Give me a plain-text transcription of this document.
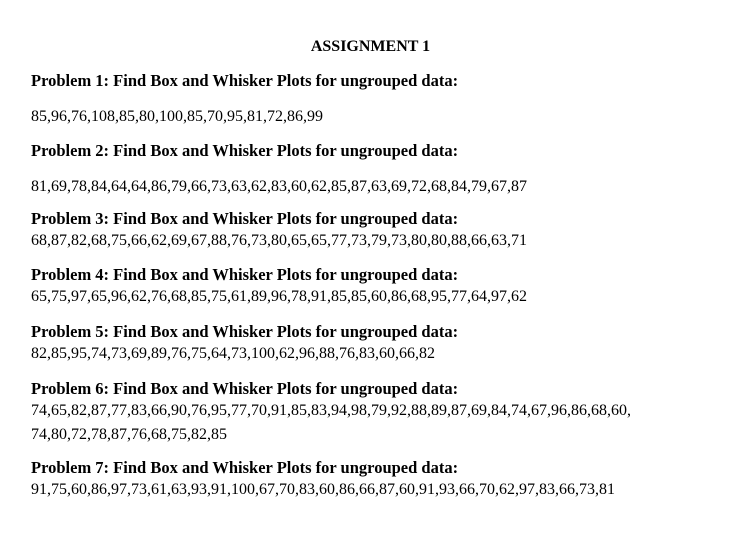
ASSIGNMENT 1
Problem 1: Find Box and Whisker Plots for ungrouped data:
85,96,76,108,85,80,100,85,70,95,81,72,86,99
Problem 2: Find Box and Whisker Plots for ungrouped data:
81,69,78,84,64,64,86,79,66,73,63,62,83,60,62,85,87,63,69,72,68,84,79,67,87
Problem 3: Find Box and Whisker Plots for ungrouped data:
68,87,82,68,75,66,62,69,67,88,76,73,80,65,65,77,73,79,73,80,80,88,66,63,71
Problem 4: Find Box and Whisker Plots for ungrouped data:
65,75,97,65,96,62,76,68,85,75,61,89,96,78,91,85,85,60,86,68,95,77,64,97,62
Problem 5: Find Box and Whisker Plots for ungrouped data:
82,85,95,74,73,69,89,76,75,64,73,100,62,96,88,76,83,60,66,82
Problem 6: Find Box and Whisker Plots for ungrouped data:
74,65,82,87,77,83,66,90,76,95,77,70,91,85,83,94,98,79,92,88,89,87,69,84,74,67,96,86,68,60,
74,80,72,78,87,76,68,75,82,85
Problem 7: Find Box and Whisker Plots for ungrouped data:
91,75,60,86,97,73,61,63,93,91,100,67,70,83,60,86,66,87,60,91,93,66,70,62,97,83,66,73,81
